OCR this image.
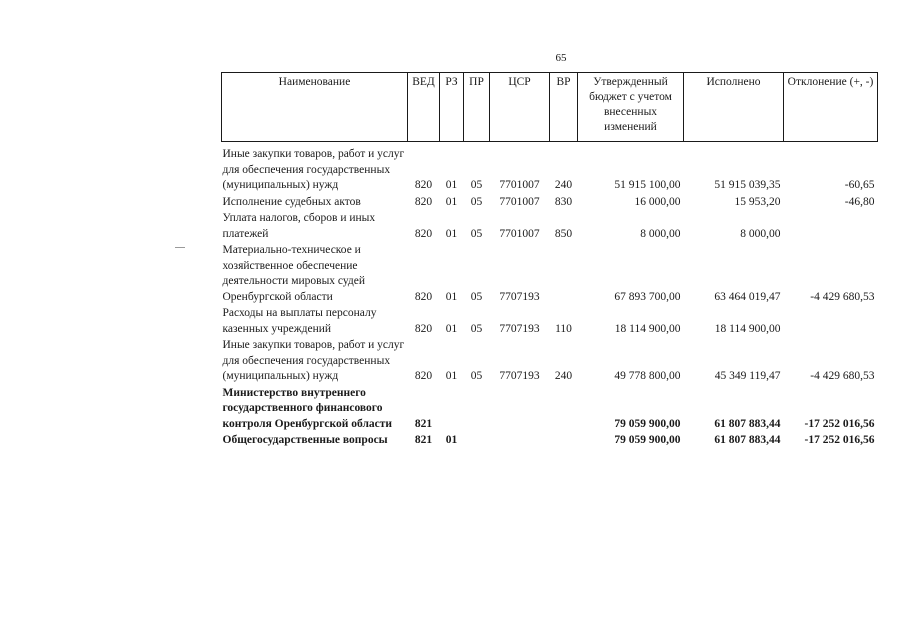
65
Наименование	ВЕД	РЗ	ПР	ЦСР	ВР	Утвержденный бюджет с учетом внесенных изменений	Исполнено	Отклонение (+, -)

Иные закупки товаров, работ и услуг для обеспечения государственных (муниципальных) нужд	820	01	05	7701007	240	51 915 100,00	51 915 039,35	-60,65
Исполнение судебных актов	820	01	05	7701007	830	16 000,00	15 953,20	-46,80
Уплата налогов, сборов и иных платежей	820	01	05	7701007	850	8 000,00	8 000,00	
Материально-техническое и хозяйственное обеспечение деятельности мировых судей Оренбургской области	820	01	05	7707193		67 893 700,00	63 464 019,47	-4 429 680,53
Расходы на выплаты персоналу казенных учреждений	820	01	05	7707193	110	18 114 900,00	18 114 900,00	
Иные закупки товаров, работ и услуг для обеспечения государственных (муниципальных) нужд	820	01	05	7707193	240	49 778 800,00	45 349 119,47	-4 429 680,53
Министерство внутреннего государственного финансового контроля Оренбургской области	821					79 059 900,00	61 807 883,44	-17 252 016,56
Общегосударственные вопросы	821	01				79 059 900,00	61 807 883,44	-17 252 016,56
